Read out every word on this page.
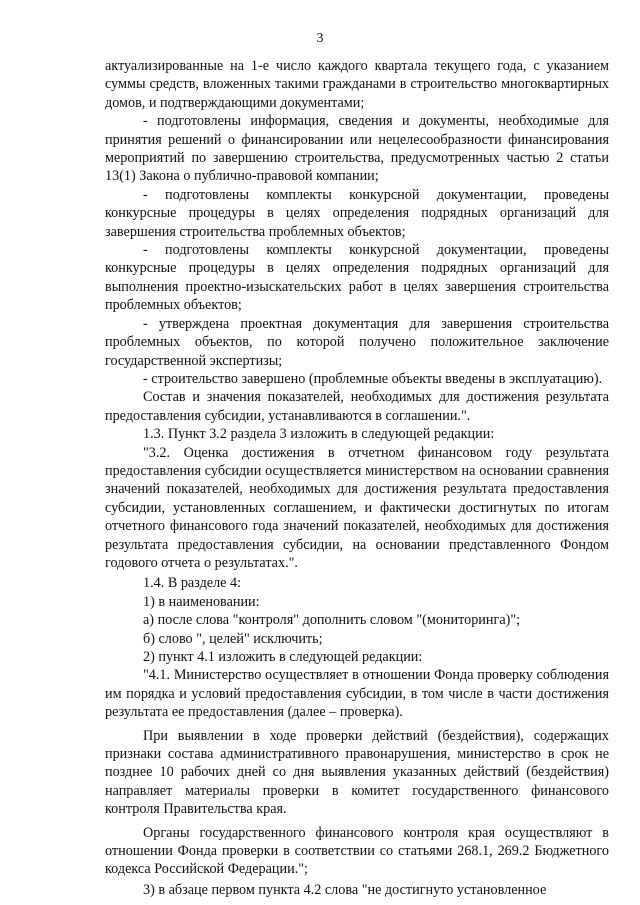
3

актуализированные на 1-е число каждого квартала текущего года, с указанием суммы средств, вложенных такими гражданами в строительство многоквартирных домов, и подтверждающими документами;

- подготовлены информация, сведения и документы, необходимые для принятия решений о финансировании или нецелесообразности финансирования мероприятий по завершению строительства, предусмотренных частью 2 статьи 13(1) Закона о публично-правовой компании;

- подготовлены комплекты конкурсной документации, проведены конкурсные процедуры в целях определения подрядных организаций для завершения строительства проблемных объектов;

- подготовлены комплекты конкурсной документации, проведены конкурсные процедуры в целях определения подрядных организаций для выполнения проектно-изыскательских работ в целях завершения строительства проблемных объектов;

- утверждена проектная документация для завершения строительства проблемных объектов, по которой получено положительное заключение государственной экспертизы;

- строительство завершено (проблемные объекты введены в эксплуатацию).

Состав и значения показателей, необходимых для достижения результата предоставления субсидии, устанавливаются в соглашении.".

1.3. Пункт 3.2 раздела 3 изложить в следующей редакции:

"3.2. Оценка достижения в отчетном финансовом году результата предоставления субсидии осуществляется министерством на основании сравнения значений показателей, необходимых для достижения результата предоставления субсидии, установленных соглашением, и фактически достигнутых по итогам отчетного финансового года значений показателей, необходимых для достижения результата предоставления субсидии, на основании представленного Фондом годового отчета о результатах.".

1.4. В разделе 4:

1) в наименовании:

а) после слова "контроля" дополнить словом "(мониторинга)";

б) слово ", целей" исключить;

2) пункт 4.1 изложить в следующей редакции:

"4.1. Министерство осуществляет в отношении Фонда проверку соблюдения им порядка и условий предоставления субсидии, в том числе в части достижения результата ее предоставления (далее – проверка).

При выявлении в ходе проверки действий (бездействия), содержащих признаки состава административного правонарушения, министерство в срок не позднее 10 рабочих дней со дня выявления указанных действий (бездействия) направляет материалы проверки в комитет государственного финансового контроля Правительства края.

Органы государственного финансового контроля края осуществляют в отношении Фонда проверки в соответствии со статьями 268.1, 269.2 Бюджетного кодекса Российской Федерации.";

3) в абзаце первом пункта 4.2 слова "не достигнуто установленное
